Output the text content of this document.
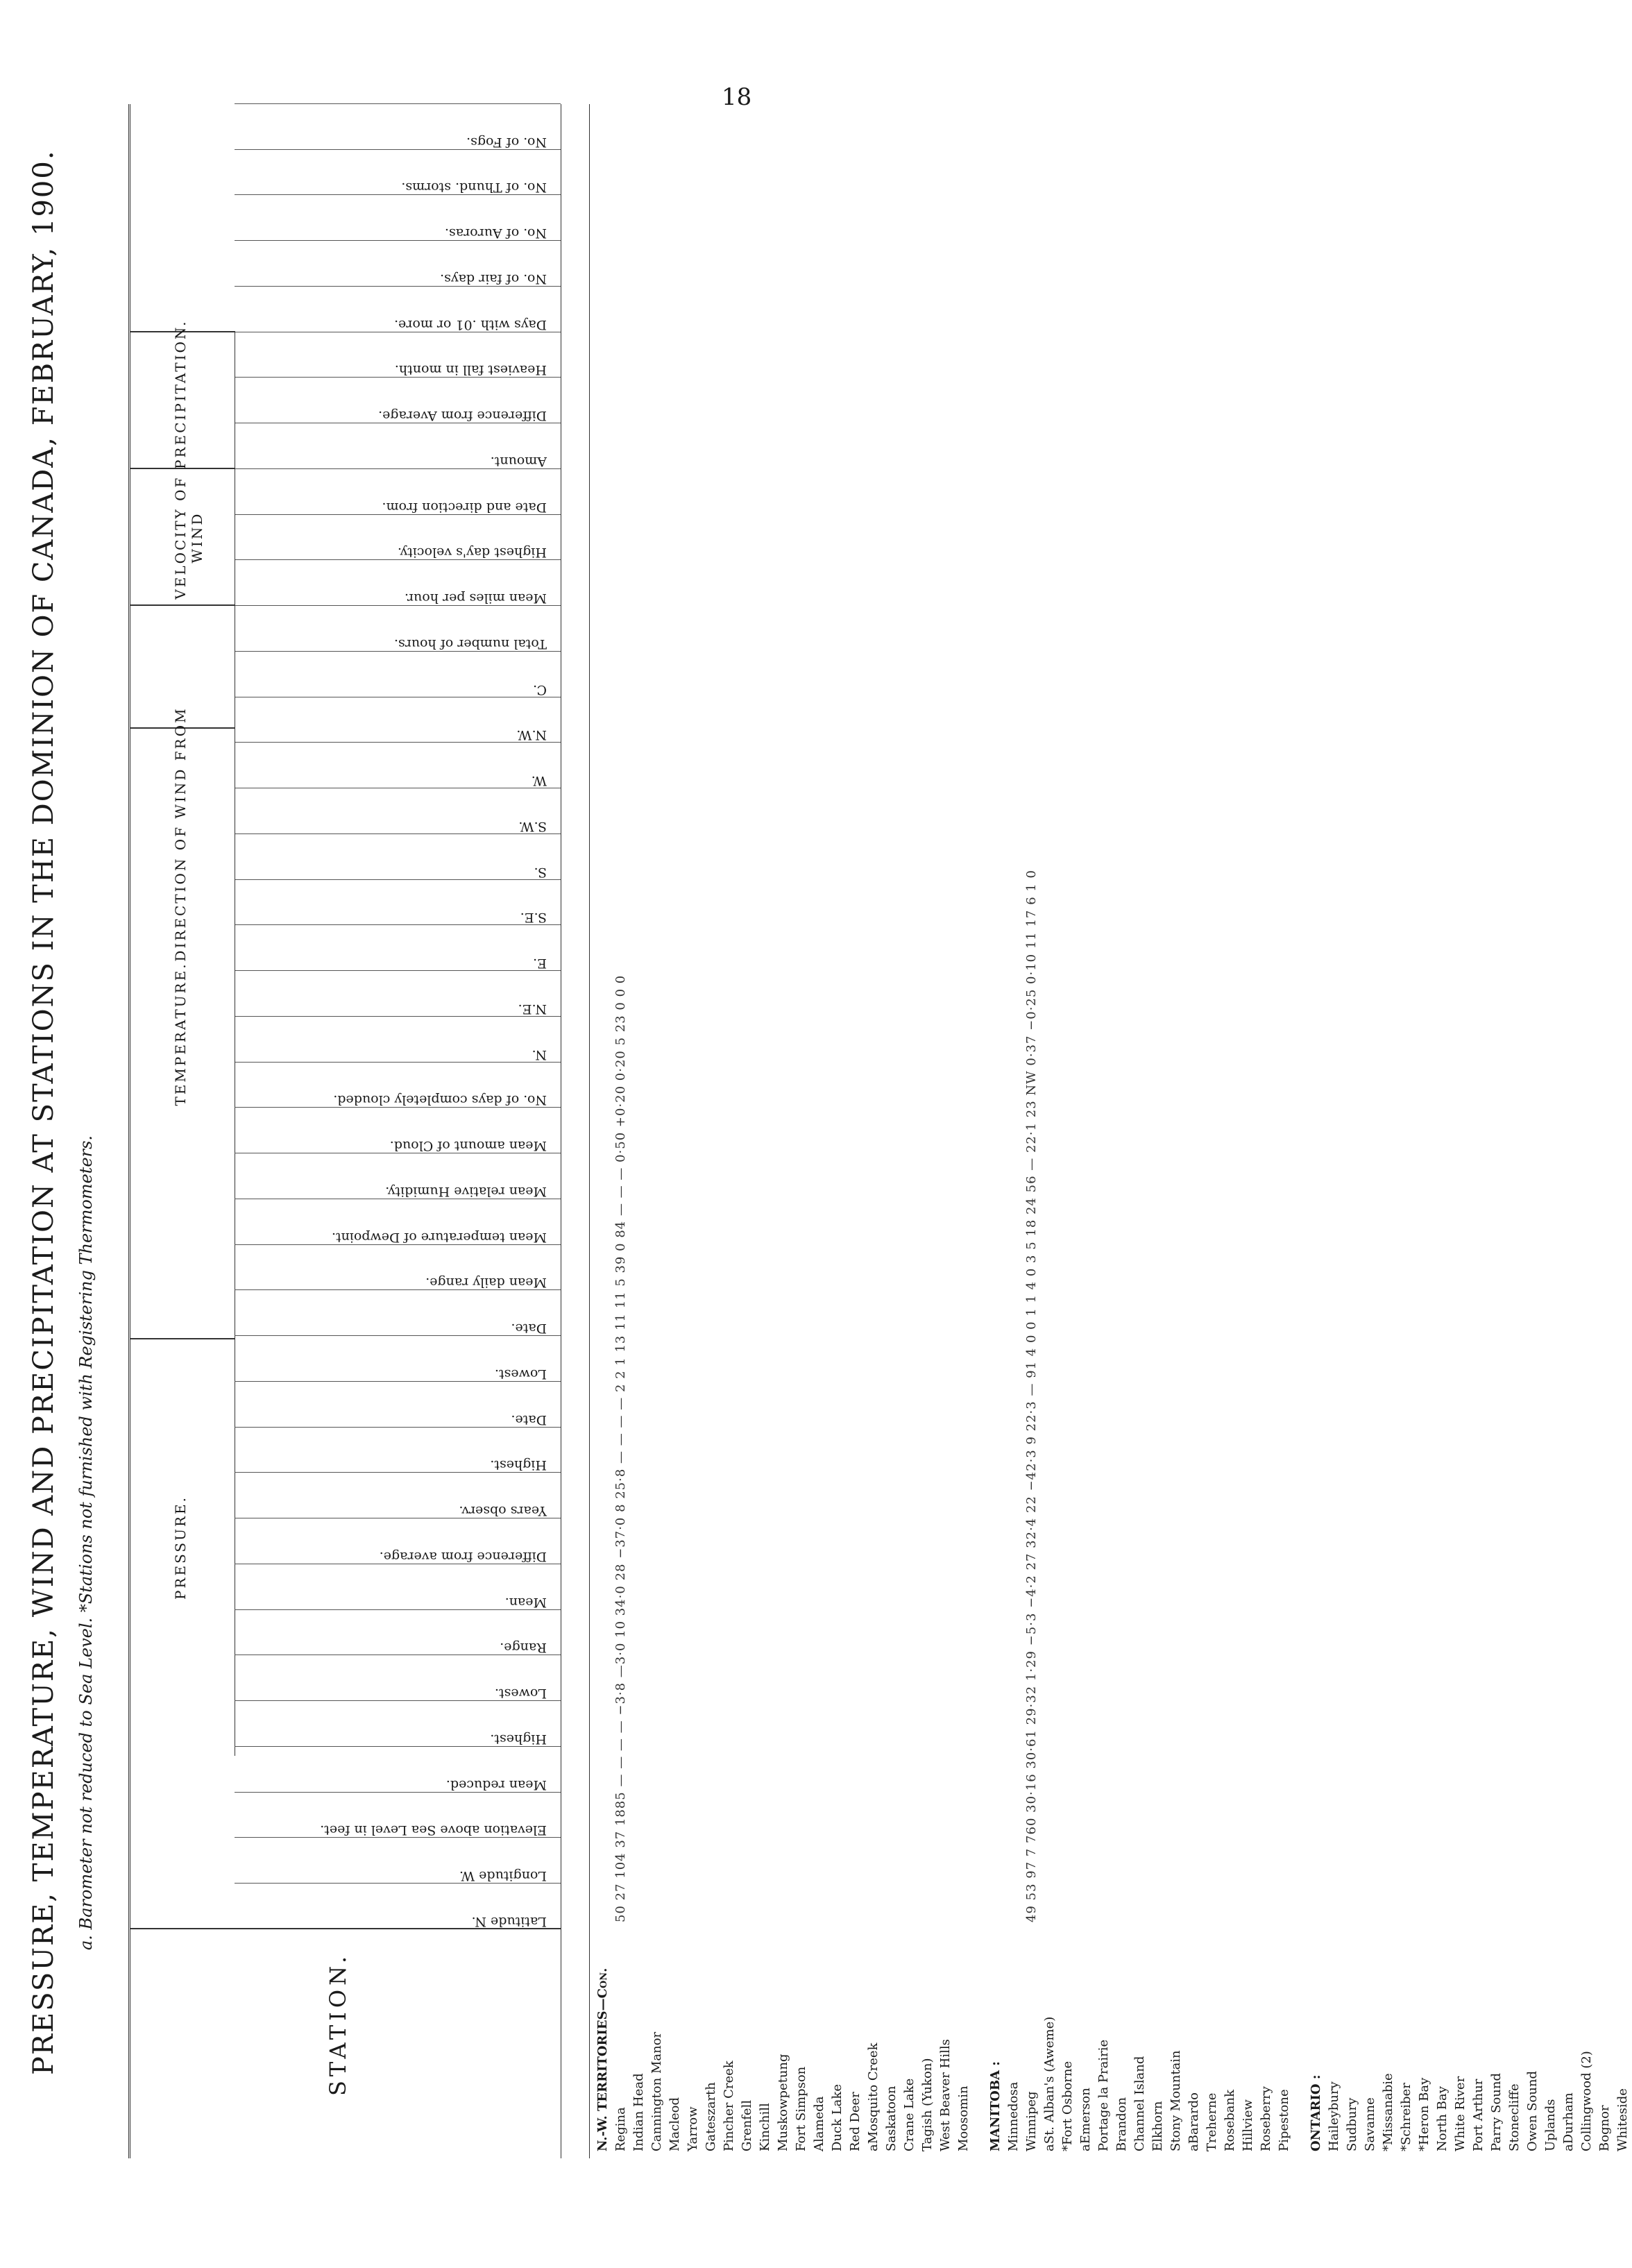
18
PRESSURE, TEMPERATURE, WIND AND PRECIPITATION AT STATIONS IN THE DOMINION OF CANADA, FEBRUARY, 1900. a. Barometer not reduced to Sea Level. *Stations not furnished with Registering Thermometers.
STATION.
PRESSURE.
TEMPERATURE.
Latitude N.
Longitude W.
Elevation above Sea Level in feet.
Mean reduced.
Highest.
Lowest.
Range.
Mean.
Difference from average.
Years observ.
Highest.
Date.
Lowest.
Date.
Mean daily range.
Mean temperature of Dewpoint.
Mean relative Humidity.
Mean amount of Cloud.
No. of days completely clouded.
N.
N.E.
E.
S.E.
S.
S.W.
W.
N.W.
C.
Total number of hours.
Mean miles per hour.
Highest day's velocity.
Date and direction from.
Amount.
Difference from Average.
Heaviest fall in month.
Days with .01 or more.
No. of fair days.
No. of Auroras.
No. of Thund. storms.
No. of Fogs.
DIRECTION OF WIND FROM
VELOCITY OF WIND
PRECIPITATION.
N.-W. TERRITORIES—Con. Regina
50 27 104 37 1885 — — — — −3·8 —3·0 10 34·0 28 −37·0 8 25·8 — — — — 2 2 1 13 11 11 5 39 0 84 — — — 0·50 +0·20 0·20 5 23 0 0 0
Indian Head Cannington Manor Macleod Yarrow Gateszarth Pincher Creek Grenfell Kinchill Muskowpetung Fort Simpson Alameda Duck Lake Red Deer aMosquito Creek Saskatoon Crane Lake Tagish (Yukon) West Beaver Hills Moosomin MANITOBA : Minnedosa Winnipeg
49 53 97 7 760 30·16 30·61 29·32 1·29 −5·3 −4·2 27 32·4 22 −42·3 9 22·3 — 91 4 0 0 1 1 4 0 3 5 18 24 56 — 22·1 23 NW 0·37 −0·25 0·10 11 17 6 1 0
aSt. Alban's (Aweme) *Fort Osborne aEmerson Portage la Prairie Brandon Channel Island Elkhorn Stony Mountain aBarardo Treherne Rosebank Hillview Roseberry Pipestone ONTARIO : Haileybury Sudbury Savanne *Missanabie *Schreiber *Heron Bay North Bay White River Port Arthur Parry Sound Stonecliffe Owen Sound Uplands aDurham Collingwood (2) Bognor Whiteside
